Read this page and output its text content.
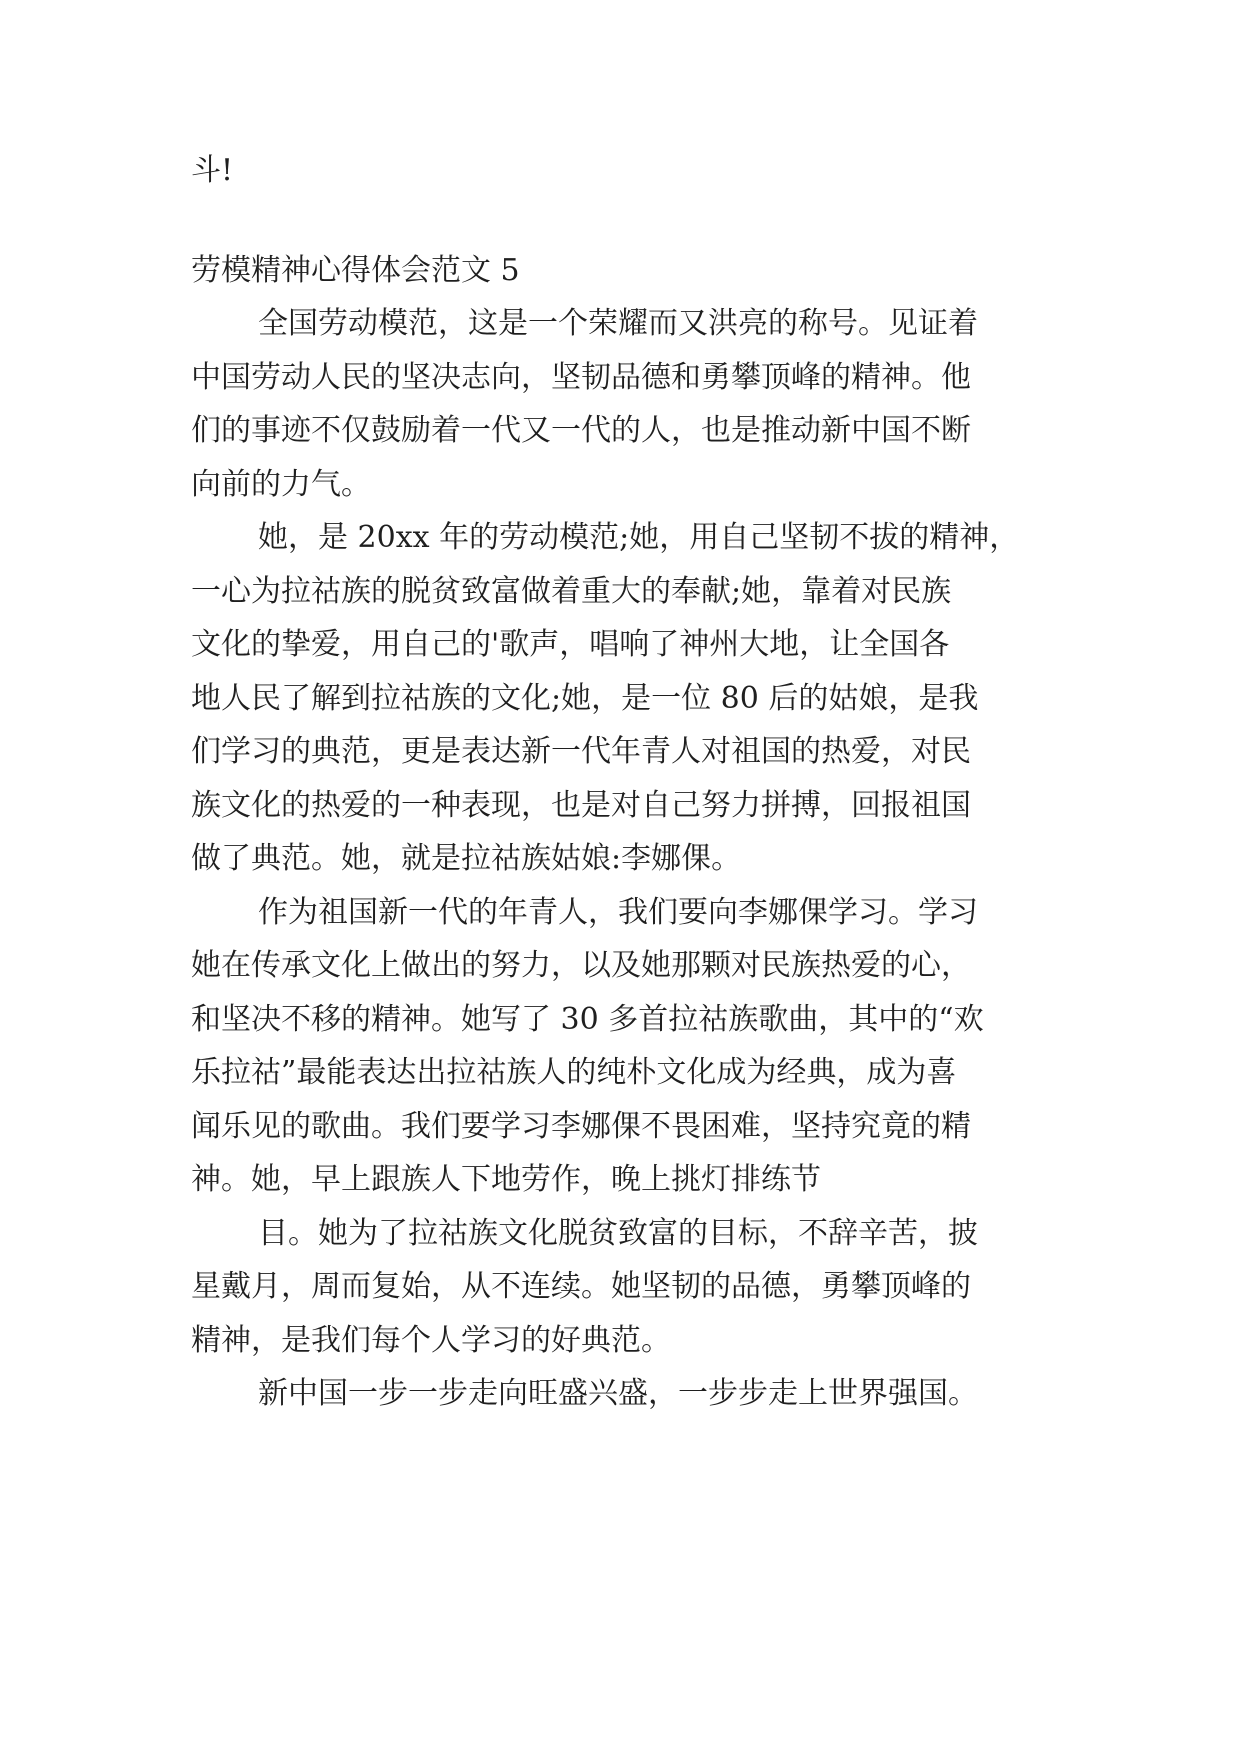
斗!
劳模精神心得体会范文 5
全国劳动模范，这是一个荣耀而又洪亮的称号。见证着
中国劳动人民的坚决志向，坚韧品德和勇攀顶峰的精神。他
们的事迹不仅鼓励着一代又一代的人，也是推动新中国不断
向前的力气。
她，是 20xx 年的劳动模范;她，用自己坚韧不拔的精神，
一心为拉祜族的脱贫致富做着重大的奉献;她，靠着对民族
文化的挚爱，用自己的'歌声，唱响了神州大地，让全国各
地人民了解到拉祜族的文化;她，是一位 80 后的姑娘，是我
们学习的典范，更是表达新一代年青人对祖国的热爱，对民
族文化的热爱的一种表现，也是对自己努力拼搏，回报祖国
做了典范。她，就是拉祜族姑娘:李娜倮。
作为祖国新一代的年青人，我们要向李娜倮学习。学习
她在传承文化上做出的努力，以及她那颗对民族热爱的心，
和坚决不移的精神。她写了 30 多首拉祜族歌曲，其中的“欢
乐拉祜”最能表达出拉祜族人的纯朴文化成为经典，成为喜
闻乐见的歌曲。我们要学习李娜倮不畏困难，坚持究竟的精
神。她，早上跟族人下地劳作，晚上挑灯排练节
目。她为了拉祜族文化脱贫致富的目标，不辞辛苦，披
星戴月，周而复始，从不连续。她坚韧的品德，勇攀顶峰的
精神，是我们每个人学习的好典范。
新中国一步一步走向旺盛兴盛，一步步走上世界强国。
